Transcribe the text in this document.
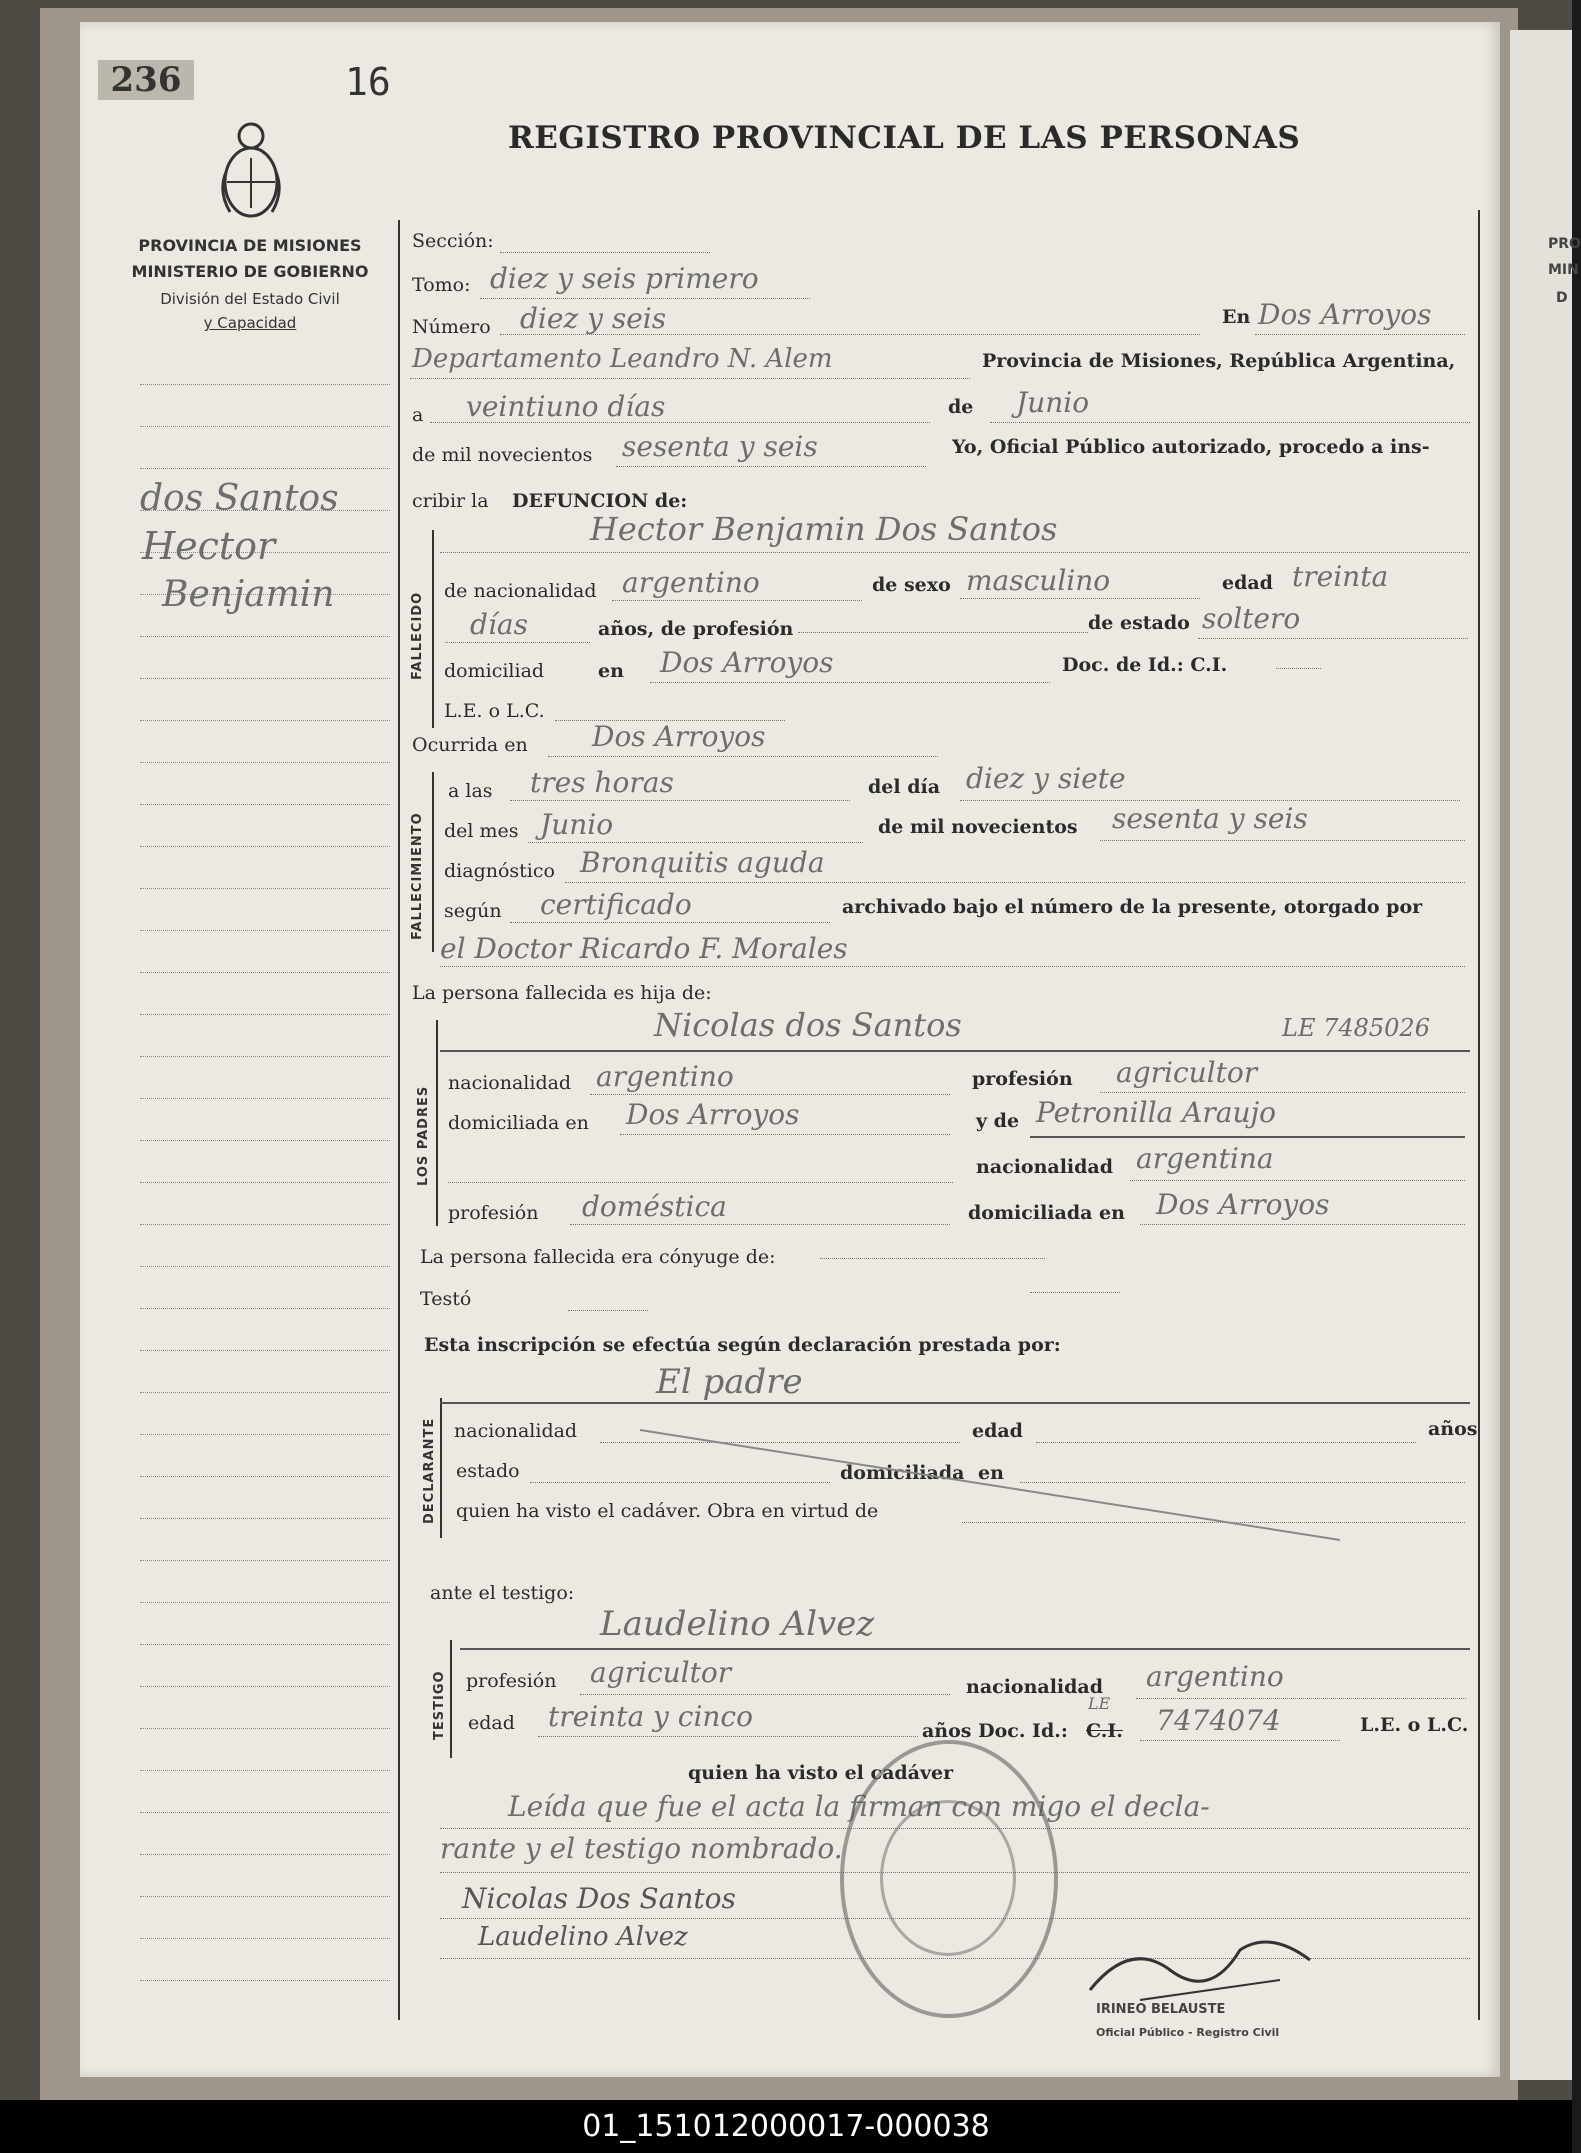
PRO
MIN
D
236	16
REGISTRO PROVINCIAL DE LAS PERSONAS
PROVINCIA DE MISIONES
MINISTERIO DE GOBIERNO
División del Estado Civil
y Capacidad
dos Santos
Hector
Benjamin
Sección:
Tomo: diez y seis primero
Número diez y seis	En Dos Arroyos
Departamento Leandro N. Alem	Provincia de Misiones, República Argentina,
a veintiuno días	de Junio
de mil novecientos sesenta y seis	Yo, Oficial Público autorizado, procedo a ins-
cribir la DEFUNCION de:
FALLECIDO
Hector Benjamin Dos Santos
de nacionalidad argentino	de sexo masculino	edad treinta
días	años, de profesión	de estado soltero
domiciliad	en Dos Arroyos	Doc. de Id.: C.I.
L.E. o L.C.
Ocurrida en Dos Arroyos
FALLECIMIENTO
a las tres horas	del día diez y siete
del mes Junio	de mil novecientos sesenta y seis
diagnóstico Bronquitis aguda
según certificado	archivado bajo el número de la presente, otorgado por
el Doctor Ricardo F. Morales
La persona fallecida es hija de:
LOS PADRES
Nicolas dos Santos	LE 7485026
nacionalidad argentino	profesión agricultor
domiciliada en Dos Arroyos	y de Petronilla Araujo
nacionalidad argentina
profesión doméstica	domiciliada en Dos Arroyos
La persona fallecida era cónyuge de:
Testó
Esta inscripción se efectúa según declaración prestada por:
DECLARANTE
El padre
nacionalidad	edad	años
estado	domiciliada en
quien ha visto el cadáver. Obra en virtud de
ante el testigo:
TESTIGO
Laudelino Alvez
profesión agricultor	nacionalidad argentino
edad treinta y cinco	años Doc. Id.: C.I.
LE
7474074	L.E. o L.C.
quien ha visto el cadáver
Leída que fue el acta la firman con migo el decla-
rante y el testigo nombrado.
Nicolas Dos Santos
Laudelino Alvez
IRINEO BELAUSTE
Oficial Público - Registro Civil
01_151012000017-000038
